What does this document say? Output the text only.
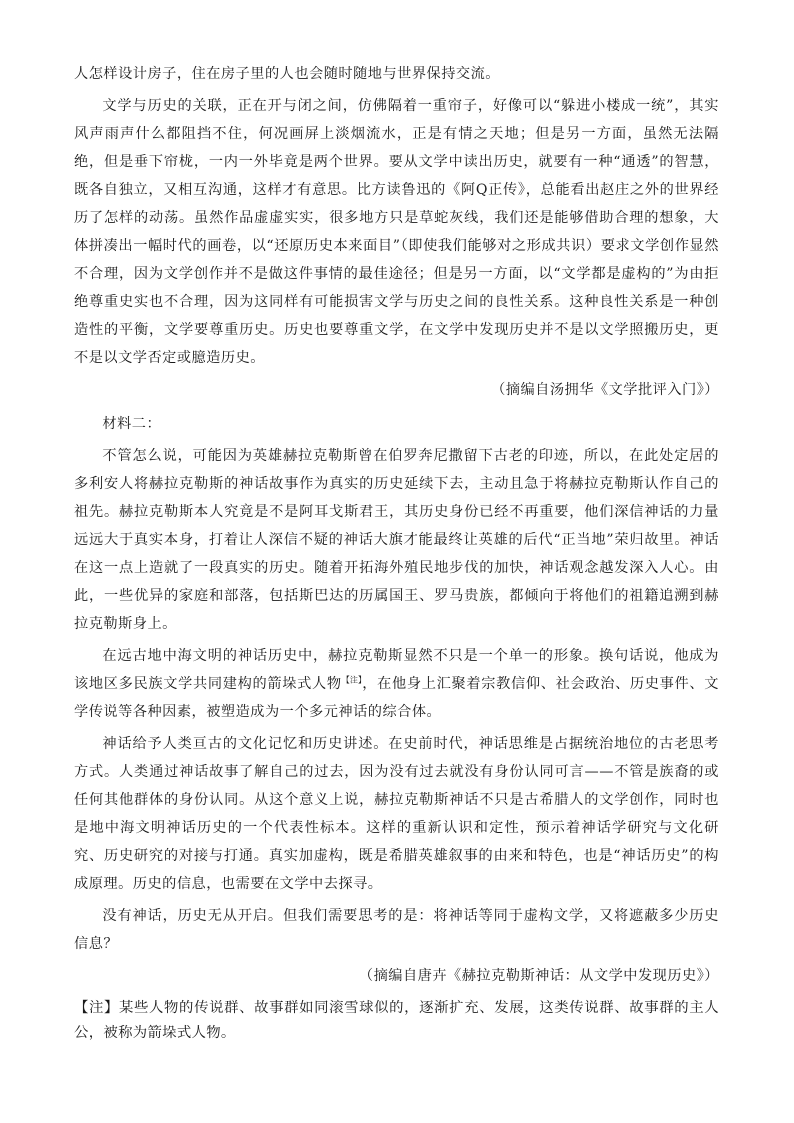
人怎样设计房子，住在房子里的人也会随时随地与世界保持交流。

文学与历史的关联，正在开与闭之间，仿佛隔着一重帘子，好像可以“躲进小楼成一统”，其实风声雨声什么都阻挡不住，何况画屏上淡烟流水，正是有情之天地；但是另一方面，虽然无法隔绝，但是垂下帘栊，一内一外毕竟是两个世界。要从文学中读出历史，就要有一种“通透”的智慧，既各自独立，又相互沟通，这样才有意思。比方读鲁迅的《阿Q正传》，总能看出赵庄之外的世界经历了怎样的动荡。虽然作品虚虚实实，很多地方只是草蛇灰线，我们还是能够借助合理的想象，大体拼凑出一幅时代的画卷，以“还原历史本来面目”（即使我们能够对之形成共识）要求文学创作显然不合理，因为文学创作并不是做这件事情的最佳途径；但是另一方面，以“文学都是虚构的”为由拒绝尊重史实也不合理，因为这同样有可能损害文学与历史之间的良性关系。这种良性关系是一种创造性的平衡，文学要尊重历史。历史也要尊重文学，在文学中发现历史并不是以文学照搬历史，更不是以文学否定或臆造历史。

（摘编自汤拥华《文学批评入门》）

材料二：

不管怎么说，可能因为英雄赫拉克勒斯曾在伯罗奔尼撒留下古老的印迹，所以，在此处定居的多利安人将赫拉克勒斯的神话故事作为真实的历史延续下去，主动且急于将赫拉克勒斯认作自己的祖先。赫拉克勒斯本人究竟是不是阿耳戈斯君王，其历史身份已经不再重要，他们深信神话的力量远远大于真实本身，打着让人深信不疑的神话大旗才能最终让英雄的后代“正当地”荣归故里。神话在这一点上造就了一段真实的历史。随着开拓海外殖民地步伐的加快，神话观念越发深入人心。由此，一些优异的家庭和部落，包括斯巴达的历属国王、罗马贵族，都倾向于将他们的祖籍追溯到赫拉克勒斯身上。

在远古地中海文明的神话历史中，赫拉克勒斯显然不只是一个单一的形象。换句话说，他成为该地区多民族文学共同建构的箭垛式人物$^{【注】}$，在他身上汇聚着宗教信仰、社会政治、历史事件、文学传说等各种因素，被塑造成为一个多元神话的综合体。

神话给予人类亘古的文化记忆和历史讲述。在史前时代，神话思维是占据统治地位的古老思考方式。人类通过神话故事了解自己的过去，因为没有过去就没有身份认同可言——不管是族裔的或任何其他群体的身份认同。从这个意义上说，赫拉克勒斯神话不只是古希腊人的文学创作，同时也是地中海文明神话历史的一个代表性标本。这样的重新认识和定性，预示着神话学研究与文化研究、历史研究的对接与打通。真实加虚构，既是希腊英雄叙事的由来和特色，也是“神话历史”的构成原理。历史的信息，也需要在文学中去探寻。

没有神话，历史无从开启。但我们需要思考的是：将神话等同于虚构文学，又将遮蔽多少历史信息？

（摘编自唐卉《赫拉克勒斯神话：从文学中发现历史》）

【注】某些人物的传说群、故事群如同滚雪球似的，逐渐扩充、发展，这类传说群、故事群的主人公，被称为箭垛式人物。
